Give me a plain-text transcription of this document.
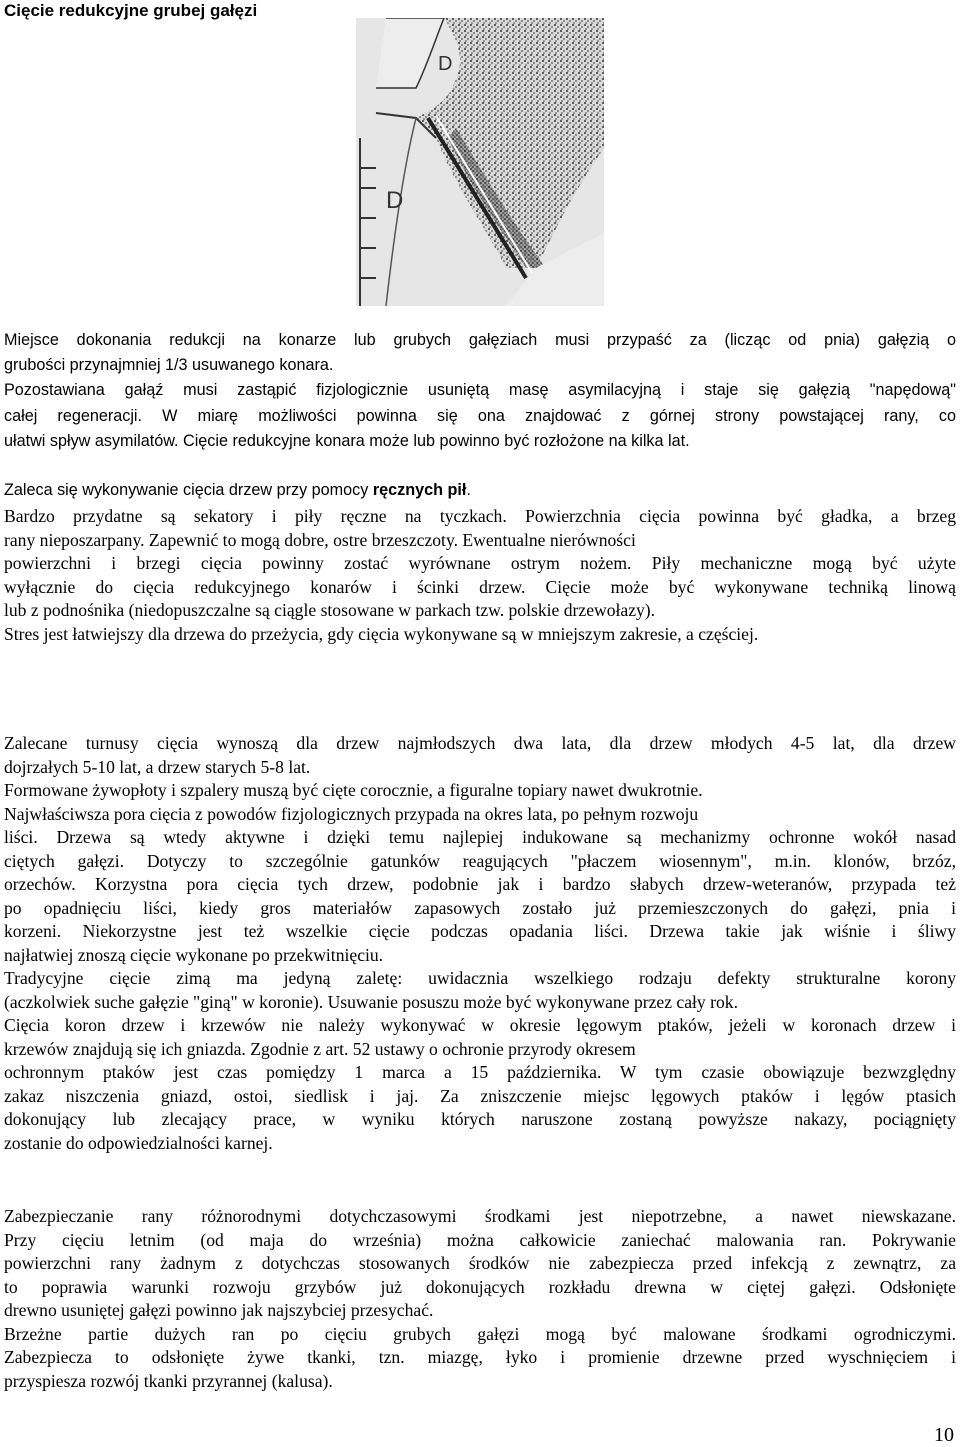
Cięcie redukcyjne grubej gałęzi
D
D
Miejsce dokonania redukcji na konarze lub grubych gałęziach musi przypaść za (licząc od pnia) gałęzią o
grubości przynajmniej 1/3 usuwanego konara.
Pozostawiana gałąź musi zastąpić fizjologicznie usuniętą masę asymilacyjną i staje się gałęzią "napędową"
całej regeneracji. W miarę możliwości powinna się ona znajdować z górnej strony powstającej rany, co
ułatwi spływ asymilatów. Cięcie redukcyjne konara może lub powinno być rozłożone na kilka lat.
Zaleca się wykonywanie cięcia drzew przy pomocy ręcznych pił.
Bardzo przydatne są sekatory i piły ręczne na tyczkach. Powierzchnia cięcia powinna być gładka, a brzeg
rany nieposzarpany. Zapewnić to mogą dobre, ostre brzeszczoty. Ewentualne nierówności
powierzchni i brzegi cięcia powinny zostać wyrównane ostrym nożem. Piły mechaniczne mogą być użyte
wyłącznie do cięcia redukcyjnego konarów i ścinki drzew. Cięcie może być wykonywane techniką linową
lub z podnośnika (niedopuszczalne są ciągle stosowane w parkach tzw. polskie drzewołazy).
Stres jest łatwiejszy dla drzewa do przeżycia, gdy cięcia wykonywane są w mniejszym zakresie, a częściej.
Zalecane turnusy cięcia wynoszą dla drzew najmłodszych dwa lata, dla drzew młodych 4-5 lat, dla drzew
dojrzałych 5-10 lat, a drzew starych 5-8 lat.
Formowane żywopłoty i szpalery muszą być cięte corocznie, a figuralne topiary nawet dwukrotnie.
Najwłaściwsza pora cięcia z powodów fizjologicznych przypada na okres lata, po pełnym rozwoju
liści. Drzewa są wtedy aktywne i dzięki temu najlepiej indukowane są mechanizmy ochronne wokół nasad
ciętych gałęzi. Dotyczy to szczególnie gatunków reagujących "płaczem wiosennym", m.in. klonów, brzóz,
orzechów. Korzystna pora cięcia tych drzew, podobnie jak i bardzo słabych drzew-weteranów, przypada też
po opadnięciu liści, kiedy gros materiałów zapasowych zostało już przemieszczonych do gałęzi, pnia i
korzeni. Niekorzystne jest też wszelkie cięcie podczas opadania liści. Drzewa takie jak wiśnie i śliwy
najłatwiej znoszą cięcie wykonane po przekwitnięciu.
Tradycyjne cięcie zimą ma jedyną zaletę: uwidacznia wszelkiego rodzaju defekty strukturalne korony
(aczkolwiek suche gałęzie "giną" w koronie). Usuwanie posuszu może być wykonywane przez cały rok.
Cięcia koron drzew i krzewów nie należy wykonywać w okresie lęgowym ptaków, jeżeli w koronach drzew i
krzewów znajdują się ich gniazda. Zgodnie z art. 52 ustawy o ochronie przyrody okresem
ochronnym ptaków jest czas pomiędzy 1 marca a 15 października. W tym czasie obowiązuje bezwzględny
zakaz niszczenia gniazd, ostoi, siedlisk i jaj. Za zniszczenie miejsc lęgowych ptaków i lęgów ptasich
dokonujący lub zlecający prace, w wyniku których naruszone zostaną powyższe nakazy, pociągnięty
zostanie do odpowiedzialności karnej.
Zabezpieczanie rany różnorodnymi dotychczasowymi środkami jest niepotrzebne, a nawet niewskazane.
Przy cięciu letnim (od maja do września) można całkowicie zaniechać malowania ran. Pokrywanie
powierzchni rany żadnym z dotychczas stosowanych środków nie zabezpiecza przed infekcją z zewnątrz, za
to poprawia warunki rozwoju grzybów już dokonujących rozkładu drewna w ciętej gałęzi. Odsłonięte
drewno usuniętej gałęzi powinno jak najszybciej przesychać.
Brzeżne partie dużych ran po cięciu grubych gałęzi mogą być malowane środkami ogrodniczymi.
Zabezpiecza to odsłonięte żywe tkanki, tzn. miazgę, łyko i promienie drzewne przed wyschnięciem i
przyspiesza rozwój tkanki przyrannej (kalusa).
10
